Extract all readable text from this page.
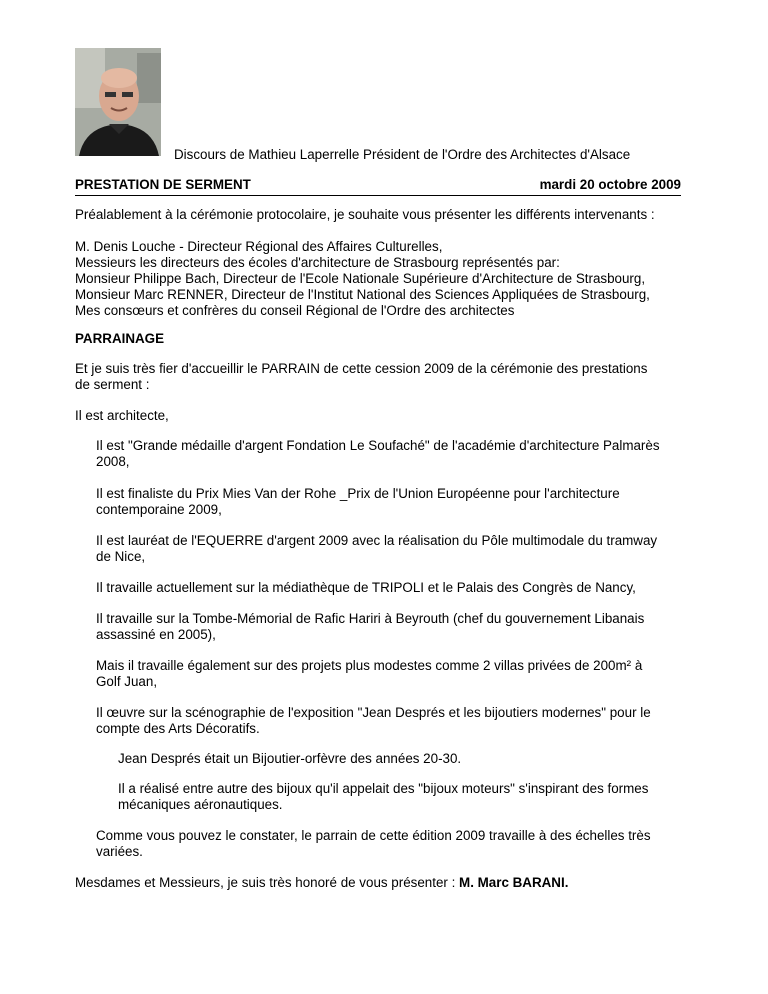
Discours de Mathieu Laperrelle Président de l'Ordre des Architectes d'Alsace
PRESTATION DE SERMENT	mardi 20 octobre 2009
Préalablement à la cérémonie protocolaire, je souhaite vous présenter les différents intervenants :
M. Denis Louche - Directeur Régional des Affaires Culturelles,
Messieurs les directeurs des écoles d'architecture de Strasbourg représentés par:
Monsieur Philippe Bach, Directeur de l'Ecole Nationale Supérieure d'Architecture de Strasbourg,
Monsieur Marc RENNER, Directeur de l'Institut National des Sciences Appliquées de Strasbourg,
Mes consœurs et confrères du conseil Régional de l'Ordre des architectes
PARRAINAGE
Et je suis très fier d'accueillir le PARRAIN de cette cession 2009 de la cérémonie des prestations
de serment :
Il est architecte,
Il est "Grande médaille d'argent Fondation Le Soufaché" de l'académie d'architecture Palmarès
2008,
Il est finaliste du Prix Mies Van der Rohe _Prix de l'Union Européenne pour l'architecture
contemporaine 2009,
Il est lauréat de l'EQUERRE d'argent 2009 avec la réalisation du Pôle multimodale du tramway
de Nice,
Il travaille actuellement sur la médiathèque de TRIPOLI et le Palais des Congrès de Nancy,
Il travaille sur la Tombe-Mémorial de Rafic Hariri à Beyrouth (chef du gouvernement Libanais
assassiné en 2005),
Mais il travaille également sur des projets plus modestes comme 2 villas privées de 200m² à
Golf Juan,
Il œuvre sur la scénographie de l'exposition "Jean Després et les bijoutiers modernes" pour le
compte des Arts Décoratifs.
Jean Després était un Bijoutier-orfèvre des années 20-30.
Il a réalisé entre autre des bijoux qu'il appelait des "bijoux moteurs" s'inspirant des formes
mécaniques aéronautiques.
Comme vous pouvez le constater, le parrain de cette édition 2009 travaille à des échelles très
variées.
Mesdames et Messieurs, je suis très honoré de vous présenter : M. Marc BARANI.
